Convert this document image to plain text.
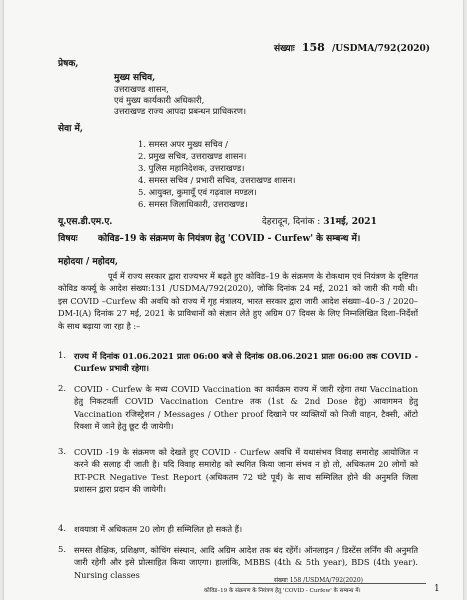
संख्याः 158 /USDMA/792(2020)
प्रेषक,
मुख्य सचिव,
उत्तराखण्ड शासन,
एवं मुख्य कार्यकारी अधिकारी,
उत्तराखण्ड राज्य आपदा प्रबन्धन प्राधिकरण।
सेवा में,
1. समस्त अपर मुख्य सचिव /
2. प्रमुख सचिव, उत्तराखण्ड शासन।
3. पुलिस महानिदेशक, उत्तराखण्ड।
4. समस्त सचिव / प्रभारी सचिव, उत्तराखण्ड शासन।
5. आयुक्त, कुमायूँ एवं गढ़वाल मण्डल।
6. समस्त जिलाधिकारी, उत्तराखण्ड।
यू.एस.डी.एम.ए.	देहरादून, दिनांक : 31मई, 2021
विषयः कोविड–19 के संक्रमण के नियंत्रण हेतु 'COVID - Curfew' के सम्बन्ध में।
महोदया / महोदय,
पूर्व में राज्य सरकार द्वारा राज्यभर में बढ़ते हुए कोविड–19 के संक्रमण के रोकथाम एवं नियंत्रण के दृष्टिगत कोविड कर्फ्यू के आदेश संख्या:131 /USDMA/792(2020), जोकि दिनांक 24 मई, 2021 को जारी की गयी थी। इस COVID –Curfew की अवधि को राज्य में गृह मंत्रालय, भारत सरकार द्वारा जारी आदेश संख्याः–40–3 / 2020– DM-I(A) दिनांक 27 मई, 2021 के प्राविधानों को संज्ञान लेते हुए अग्रिम 07 दिवस के लिए निम्नलिखित दिशा–निर्देशों के साथ बढ़ाया जा रहा है :–
1. राज्य में दिनांक 01.06.2021 प्रातः 06:00 बजे से दिनांक 08.06.2021 प्रातः 06:00 तक COVID - Curfew प्रभावी रहेगा।
2. COVID - Curfew के मध्य COVID Vaccination का कार्यक्रम राज्य में जारी रहेगा तथा Vaccination हेतु निकटवर्ती COVID Vaccination Centre तक (1st & 2nd Dose हेतु) आवागमन हेतु Vaccination रजिस्ट्रेशन / Messages / Other proof दिखाने पर व्यक्तियों को निजी वाहन, टैक्सी, ऑटो रिक्शा में जाने हेतु छूट दी जायेगी।
3. COVID -19 के संक्रमण को देखते हुए COVID - Curfew अवधि में यथासंभव विवाह समारोह आयोजित न करने की सलाह दी जाती है। यदि विवाह समारोह को स्थगित किया जाना संभव न हो तो, अधिकतम 20 लोगों को RT-PCR Negative Test Report (अधिकतम 72 घंटे पूर्व) के साथ सम्मिलित होने की अनुमति जिला प्रशासन द्वारा प्रदान की जायेगी।
4. शवयात्रा में अधिकतम 20 लोग ही सम्मिलित हो सकते हैं।
5. समस्त शैक्षिक, प्रशिक्षण, कोचिंग संस्थान, आदि अग्रिम आदेश तक बंद रहेंगें। ऑनलाइन / डिस्टेंस लर्निंग की अनुमति जारी रहेगी और इसे प्रोत्साहित किया जाएगा। हालांकि, MBBS (4th & 5th year), BDS (4th year). Nursing classes
संख्याः 158 /USDMA/792(2020)
कोविड–19 के संक्रमण के नियंत्रण हेतु 'COVID - Curfew' के सम्बन्ध में।	1
